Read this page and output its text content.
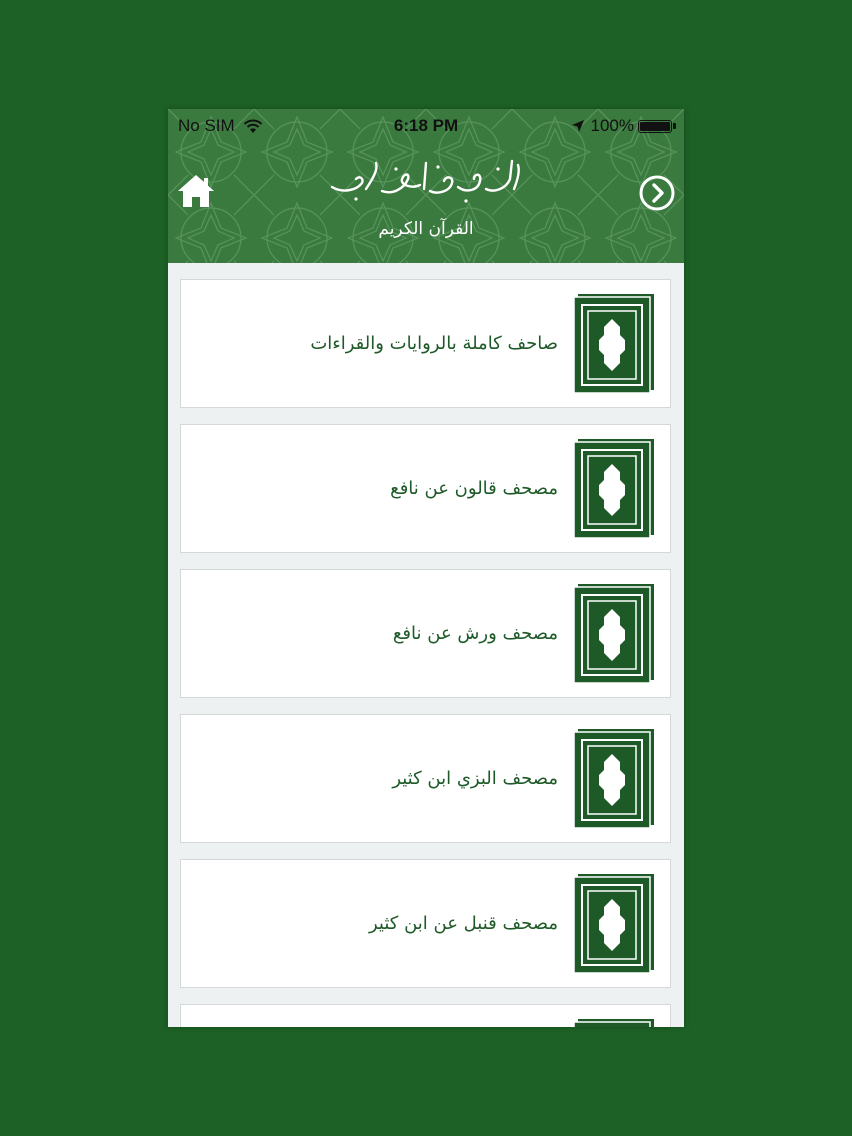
No SIM	6:18 PM	100%
يوسف بن نوح أحمد
القرآن الكريم
صاحف كاملة بالروايات والقراءات
مصحف قالون عن نافع
مصحف ورش عن نافع
مصحف البزي ابن كثير
مصحف قنبل عن ابن كثير
